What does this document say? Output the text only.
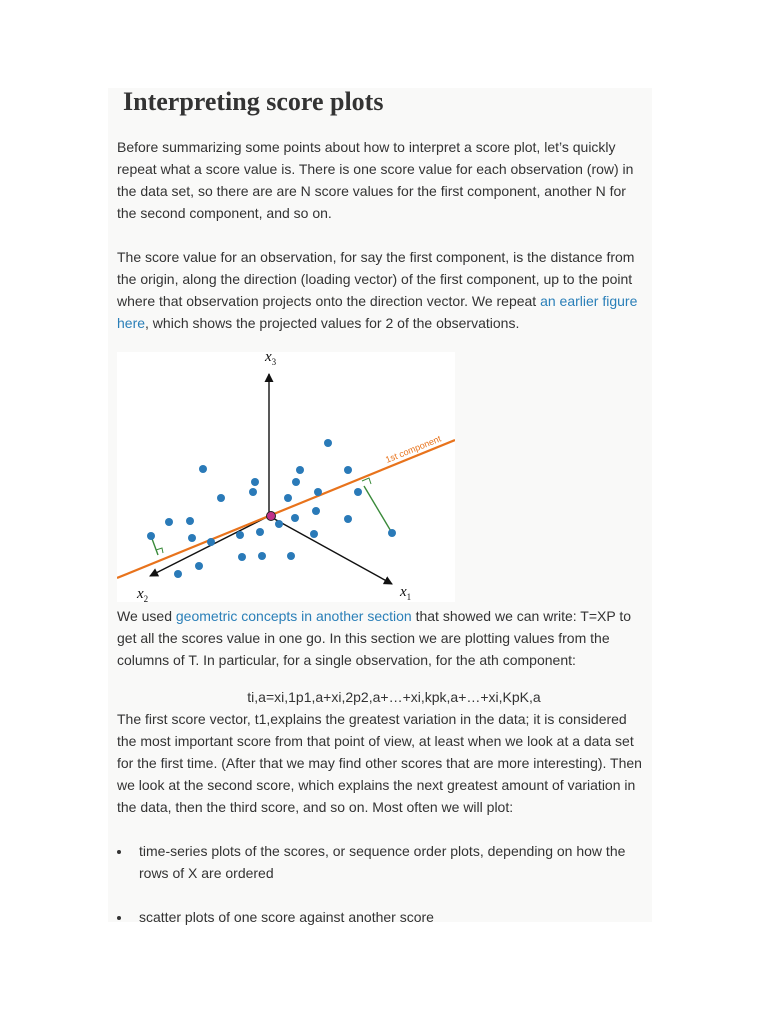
Interpreting score plots

Before summarizing some points about how to interpret a score plot, let’s quickly repeat what a score value is. There is one score value for each observation (row) in the data set, so there are are N score values for the first component, another N for the second component, and so on.

The score value for an observation, for say the first component, is the distance from the origin, along the direction (loading vector) of the first component, up to the point where that observation projects onto the direction vector. We repeat an earlier figure here, which shows the projected values for 2 of the observations.

1st component
$x_3$
$x_2$	$x_1$

We used geometric concepts in another section that showed we can write: T=XP to get all the scores value in one go. In this section we are plotting values from the columns of T. In particular, for a single observation, for the ath component:

ti,a=xi,1p1,a+xi,2p2,a+…+xi,kpk,a+…+xi,KpK,a

The first score vector, t1,explains the greatest variation in the data; it is considered the most important score from that point of view, at least when we look at a data set for the first time. (After that we may find other scores that are more interesting). Then we look at the second score, which explains the next greatest amount of variation in the data, then the third score, and so on. Most often we will plot:

time-series plots of the scores, or sequence order plots, depending on how the rows of X are ordered
scatter plots of one score against another score
